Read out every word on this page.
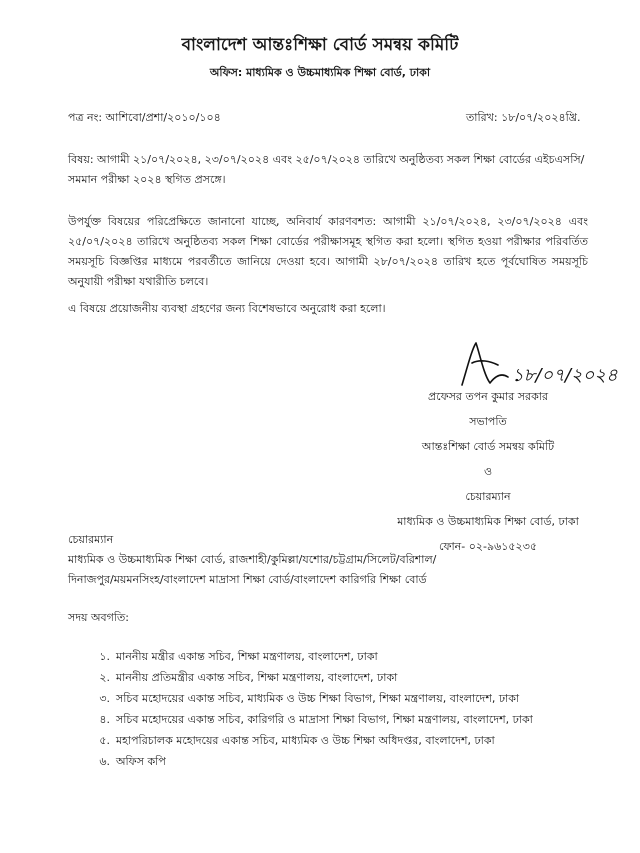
বাংলাদেশ আন্তঃশিক্ষা বোর্ড সমন্বয় কমিটি
অফিস: মাধ্যমিক ও উচ্চমাধ্যমিক শিক্ষা বোর্ড, ঢাকা
পত্র নং: আশিবো/প্রশা/২০১০/১০৪	তারিখ: ১৮/০৭/২০২৪খ্রি.
বিষয়: আগামী ২১/০৭/২০২৪, ২৩/০৭/২০২৪ এবং ২৫/০৭/২০২৪ তারিখে অনুষ্ঠিতব্য সকল শিক্ষা বোর্ডের এইচএসসি/সমমান পরীক্ষা ২০২৪ স্থগিত প্রসঙ্গে।
উপর্যুক্ত বিষয়ের পরিপ্রেক্ষিতে জানানো যাচ্ছে, অনিবার্য কারণবশত: আগামী ২১/০৭/২০২৪, ২৩/০৭/২০২৪ এবং ২৫/০৭/২০২৪ তারিখে অনুষ্ঠিতব্য সকল শিক্ষা বোর্ডের পরীক্ষাসমূহ স্থগিত করা হলো। স্থগিত হওয়া পরীক্ষার পরিবর্তিত সময়সূচি বিজ্ঞপ্তির মাধ্যমে পরবর্তীতে জানিয়ে দেওয়া হবে। আগামী ২৮/০৭/২০২৪ তারিখ হতে পূর্বঘোষিত সময়সূচি অনুযায়ী পরীক্ষা যথারীতি চলবে।
এ বিষয়ে প্রয়োজনীয় ব্যবস্থা গ্রহণের জন্য বিশেষভাবে অনুরোধ করা হলো।
১৮/০৭/২০২৪
প্রফেসর তপন কুমার সরকার
সভাপতি
আন্তঃশিক্ষা বোর্ড সমন্বয় কমিটি
ও
চেয়ারম্যান
মাধ্যমিক ও উচ্চমাধ্যমিক শিক্ষা বোর্ড, ঢাকা
ফোন- ০২-৯৬১৫২৩৫
চেয়ারম্যান
মাধ্যমিক ও উচ্চমাধ্যমিক শিক্ষা বোর্ড, রাজশাহী/কুমিল্লা/যশোর/চট্টগ্রাম/সিলেট/বরিশাল/
দিনাজপুর/ময়মনসিংহ/বাংলাদেশ মাদ্রাসা শিক্ষা বোর্ড/বাংলাদেশ কারিগরি শিক্ষা বোর্ড
সদয় অবগতি:
১. মাননীয় মন্ত্রীর একান্ত সচিব, শিক্ষা মন্ত্রণালয়, বাংলাদেশ, ঢাকা
২. মাননীয় প্রতিমন্ত্রীর একান্ত সচিব, শিক্ষা মন্ত্রণালয়, বাংলাদেশ, ঢাকা
৩. সচিব মহোদয়ের একান্ত সচিব, মাধ্যমিক ও উচ্চ শিক্ষা বিভাগ, শিক্ষা মন্ত্রণালয়, বাংলাদেশ, ঢাকা
৪. সচিব মহোদয়ের একান্ত সচিব, কারিগরি ও মাদ্রাসা শিক্ষা বিভাগ, শিক্ষা মন্ত্রণালয়, বাংলাদেশ, ঢাকা
৫. মহাপরিচালক মহোদয়ের একান্ত সচিব, মাধ্যমিক ও উচ্চ শিক্ষা অধিদপ্তর, বাংলাদেশ, ঢাকা
৬. অফিস কপি
